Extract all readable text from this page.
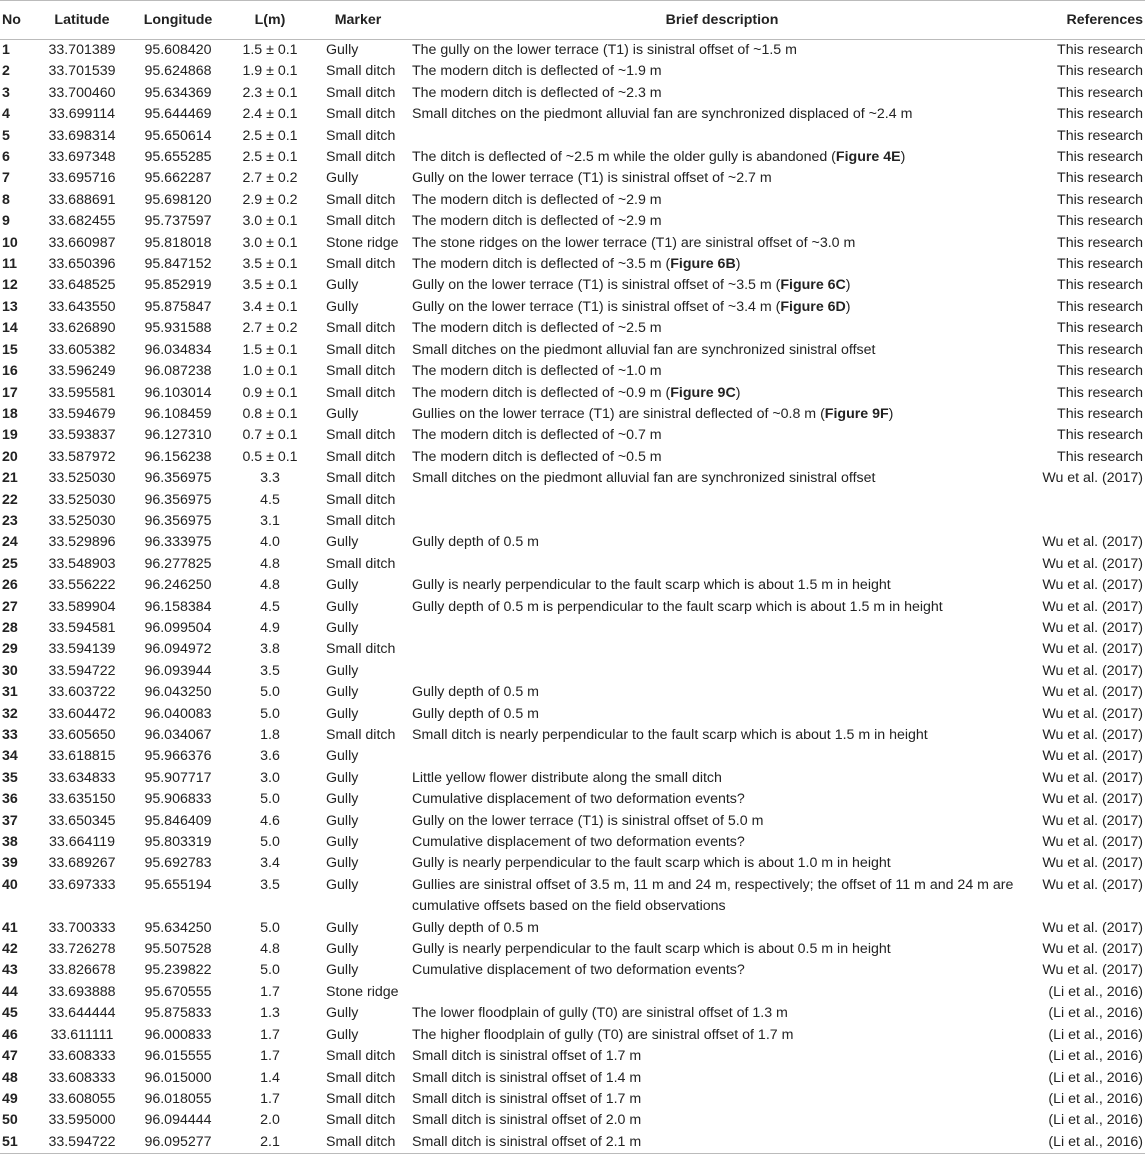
No	Latitude	Longitude	L(m)	Marker	Brief description	References
1	33.701389	95.608420	1.5 ± 0.1	Gully	The gully on the lower terrace (T1) is sinistral offset of ~1.5 m	This research
2	33.701539	95.624868	1.9 ± 0.1	Small ditch	The modern ditch is deflected of ~1.9 m	This research
3	33.700460	95.634369	2.3 ± 0.1	Small ditch	The modern ditch is deflected of ~2.3 m	This research
4	33.699114	95.644469	2.4 ± 0.1	Small ditch	Small ditches on the piedmont alluvial fan are synchronized displaced of ~2.4 m	This research
5	33.698314	95.650614	2.5 ± 0.1	Small ditch		This research
6	33.697348	95.655285	2.5 ± 0.1	Small ditch	The ditch is deflected of ~2.5 m while the older gully is abandoned (Figure 4E)	This research
7	33.695716	95.662287	2.7 ± 0.2	Gully	Gully on the lower terrace (T1) is sinistral offset of ~2.7 m	This research
8	33.688691	95.698120	2.9 ± 0.2	Small ditch	The modern ditch is deflected of ~2.9 m	This research
9	33.682455	95.737597	3.0 ± 0.1	Small ditch	The modern ditch is deflected of ~2.9 m	This research
10	33.660987	95.818018	3.0 ± 0.1	Stone ridge	The stone ridges on the lower terrace (T1) are sinistral offset of ~3.0 m	This research
11	33.650396	95.847152	3.5 ± 0.1	Small ditch	The modern ditch is deflected of ~3.5 m (Figure 6B)	This research
12	33.648525	95.852919	3.5 ± 0.1	Gully	Gully on the lower terrace (T1) is sinistral offset of ~3.5 m (Figure 6C)	This research
13	33.643550	95.875847	3.4 ± 0.1	Gully	Gully on the lower terrace (T1) is sinistral offset of ~3.4 m (Figure 6D)	This research
14	33.626890	95.931588	2.7 ± 0.2	Small ditch	The modern ditch is deflected of ~2.5 m	This research
15	33.605382	96.034834	1.5 ± 0.1	Small ditch	Small ditches on the piedmont alluvial fan are synchronized sinistral offset	This research
16	33.596249	96.087238	1.0 ± 0.1	Small ditch	The modern ditch is deflected of ~1.0 m	This research
17	33.595581	96.103014	0.9 ± 0.1	Small ditch	The modern ditch is deflected of ~0.9 m (Figure 9C)	This research
18	33.594679	96.108459	0.8 ± 0.1	Gully	Gullies on the lower terrace (T1) are sinistral deflected of ~0.8 m (Figure 9F)	This research
19	33.593837	96.127310	0.7 ± 0.1	Small ditch	The modern ditch is deflected of ~0.7 m	This research
20	33.587972	96.156238	0.5 ± 0.1	Small ditch	The modern ditch is deflected of ~0.5 m	This research
21	33.525030	96.356975	3.3	Small ditch	Small ditches on the piedmont alluvial fan are synchronized sinistral offset	Wu et al. (2017)
22	33.525030	96.356975	4.5	Small ditch		
23	33.525030	96.356975	3.1	Small ditch		
24	33.529896	96.333975	4.0	Gully	Gully depth of 0.5 m	Wu et al. (2017)
25	33.548903	96.277825	4.8	Small ditch		Wu et al. (2017)
26	33.556222	96.246250	4.8	Gully	Gully is nearly perpendicular to the fault scarp which is about 1.5 m in height	Wu et al. (2017)
27	33.589904	96.158384	4.5	Gully	Gully depth of 0.5 m is perpendicular to the fault scarp which is about 1.5 m in height	Wu et al. (2017)
28	33.594581	96.099504	4.9	Gully		Wu et al. (2017)
29	33.594139	96.094972	3.8	Small ditch		Wu et al. (2017)
30	33.594722	96.093944	3.5	Gully		Wu et al. (2017)
31	33.603722	96.043250	5.0	Gully	Gully depth of 0.5 m	Wu et al. (2017)
32	33.604472	96.040083	5.0	Gully	Gully depth of 0.5 m	Wu et al. (2017)
33	33.605650	96.034067	1.8	Small ditch	Small ditch is nearly perpendicular to the fault scarp which is about 1.5 m in height	Wu et al. (2017)
34	33.618815	95.966376	3.6	Gully		Wu et al. (2017)
35	33.634833	95.907717	3.0	Gully	Little yellow flower distribute along the small ditch	Wu et al. (2017)
36	33.635150	95.906833	5.0	Gully	Cumulative displacement of two deformation events?	Wu et al. (2017)
37	33.650345	95.846409	4.6	Gully	Gully on the lower terrace (T1) is sinistral offset of 5.0 m	Wu et al. (2017)
38	33.664119	95.803319	5.0	Gully	Cumulative displacement of two deformation events?	Wu et al. (2017)
39	33.689267	95.692783	3.4	Gully	Gully is nearly perpendicular to the fault scarp which is about 1.0 m in height	Wu et al. (2017)
40	33.697333	95.655194	3.5	Gully	Gullies are sinistral offset of 3.5 m, 11 m and 24 m, respectively; the offset of 11 m and 24 m are cumulative offsets based on the field observations	Wu et al. (2017)
41	33.700333	95.634250	5.0	Gully	Gully depth of 0.5 m	Wu et al. (2017)
42	33.726278	95.507528	4.8	Gully	Gully is nearly perpendicular to the fault scarp which is about 0.5 m in height	Wu et al. (2017)
43	33.826678	95.239822	5.0	Gully	Cumulative displacement of two deformation events?	Wu et al. (2017)
44	33.693888	95.670555	1.7	Stone ridge		(Li et al., 2016)
45	33.644444	95.875833	1.3	Gully	The lower floodplain of gully (T0) are sinistral offset of 1.3 m	(Li et al., 2016)
46	33.611111	96.000833	1.7	Gully	The higher floodplain of gully (T0) are sinistral offset of 1.7 m	(Li et al., 2016)
47	33.608333	96.015555	1.7	Small ditch	Small ditch is sinistral offset of 1.7 m	(Li et al., 2016)
48	33.608333	96.015000	1.4	Small ditch	Small ditch is sinistral offset of 1.4 m	(Li et al., 2016)
49	33.608055	96.018055	1.7	Small ditch	Small ditch is sinistral offset of 1.7 m	(Li et al., 2016)
50	33.595000	96.094444	2.0	Small ditch	Small ditch is sinistral offset of 2.0 m	(Li et al., 2016)
51	33.594722	96.095277	2.1	Small ditch	Small ditch is sinistral offset of 2.1 m	(Li et al., 2016)
